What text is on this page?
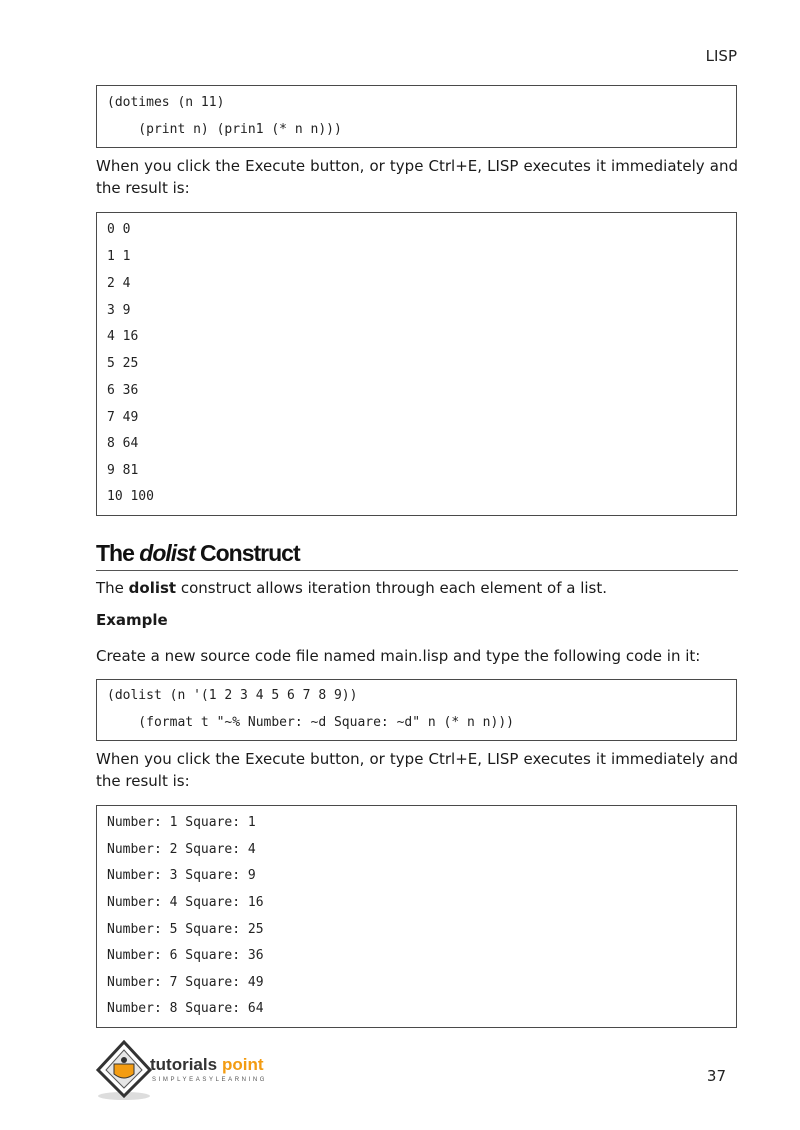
LISP
(dotimes (n 11)
(print n) (prin1 (* n n)))
When you click the Execute button, or type Ctrl+E, LISP executes it immediately and the result is:
0 0
1 1
2 4
3 9
4 16
5 25
6 36
7 49
8 64
9 81
10 100
The dolist Construct
The dolist construct allows iteration through each element of a list.
Example
Create a new source code file named main.lisp and type the following code in it:
(dolist (n '(1 2 3 4 5 6 7 8 9))
(format t "~% Number: ~d Square: ~d" n (* n n)))
When you click the Execute button, or type Ctrl+E, LISP executes it immediately and the result is:
Number: 1 Square: 1
Number: 2 Square: 4
Number: 3 Square: 9
Number: 4 Square: 16
Number: 5 Square: 25
Number: 6 Square: 36
Number: 7 Square: 49
Number: 8 Square: 64
tutorials point
SIMPLYEASYLEARNING	37
